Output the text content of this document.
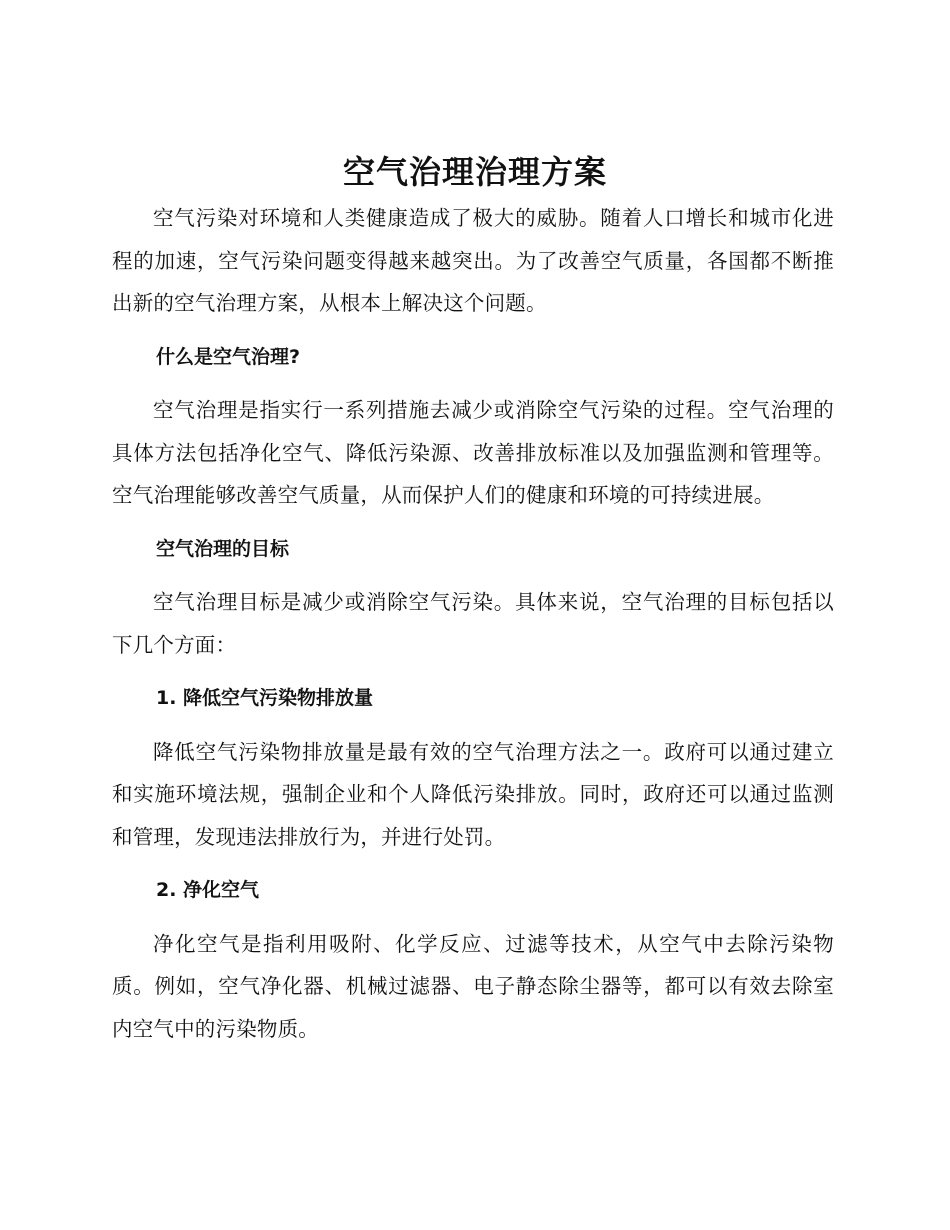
空气治理治理方案

空气污染对环境和人类健康造成了极大的威胁。随着人口增长和城市化进程的加速，空气污染问题变得越来越突出。为了改善空气质量，各国都不断推出新的空气治理方案，从根本上解决这个问题。

什么是空气治理?

空气治理是指实行一系列措施去减少或消除空气污染的过程。空气治理的具体方法包括净化空气、降低污染源、改善排放标准以及加强监测和管理等。空气治理能够改善空气质量，从而保护人们的健康和环境的可持续进展。

空气治理的目标

空气治理目标是减少或消除空气污染。具体来说，空气治理的目标包括以下几个方面：

1. 降低空气污染物排放量

降低空气污染物排放量是最有效的空气治理方法之一。政府可以通过建立和实施环境法规，强制企业和个人降低污染排放。同时，政府还可以通过监测和管理，发现违法排放行为，并进行处罚。

2. 净化空气

净化空气是指利用吸附、化学反应、过滤等技术，从空气中去除污染物质。例如，空气净化器、机械过滤器、电子静态除尘器等，都可以有效去除室内空气中的污染物质。
